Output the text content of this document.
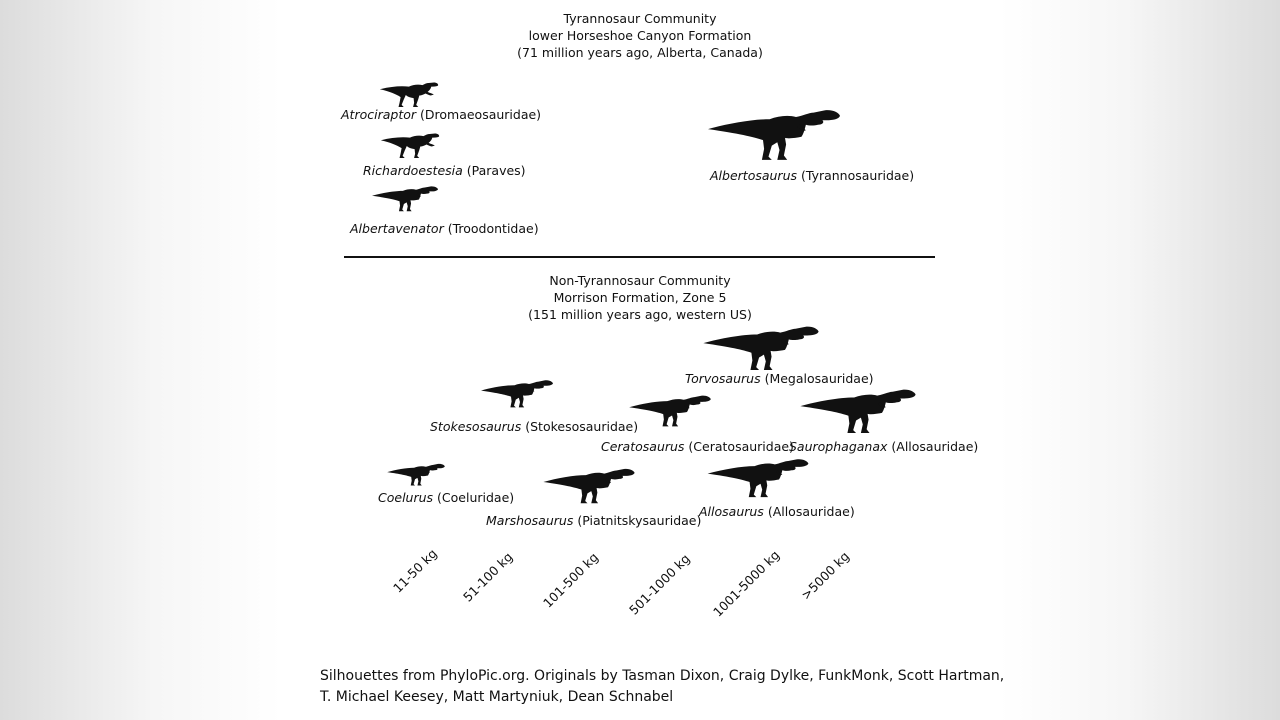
Tyrannosaur Community
lower Horseshoe Canyon Formation
(71 million years ago, Alberta, Canada)
Atrociraptor (Dromaeosauridae)
Richardoestesia (Paraves)
Albertavenator (Troodontidae)
Albertosaurus (Tyrannosauridae)
Non-Tyrannosaur Community
Morrison Formation, Zone 5
(151 million years ago, western US)
Torvosaurus (Megalosauridae)
Stokesosaurus (Stokesosauridae)
Ceratosaurus (Ceratosauridae)
Saurophaganax (Allosauridae)
Coelurus (Coeluridae)
Marshosaurus (Piatnitskysauridae)
Allosaurus (Allosauridae)
11-50 kg 51-100 kg 101-500 kg 501-1000 kg 1001-5000 kg >5000 kg
Silhouettes from PhyloPic.org. Originals by Tasman Dixon, Craig Dylke, FunkMonk, Scott Hartman,
T. Michael Keesey, Matt Martyniuk, Dean Schnabel
